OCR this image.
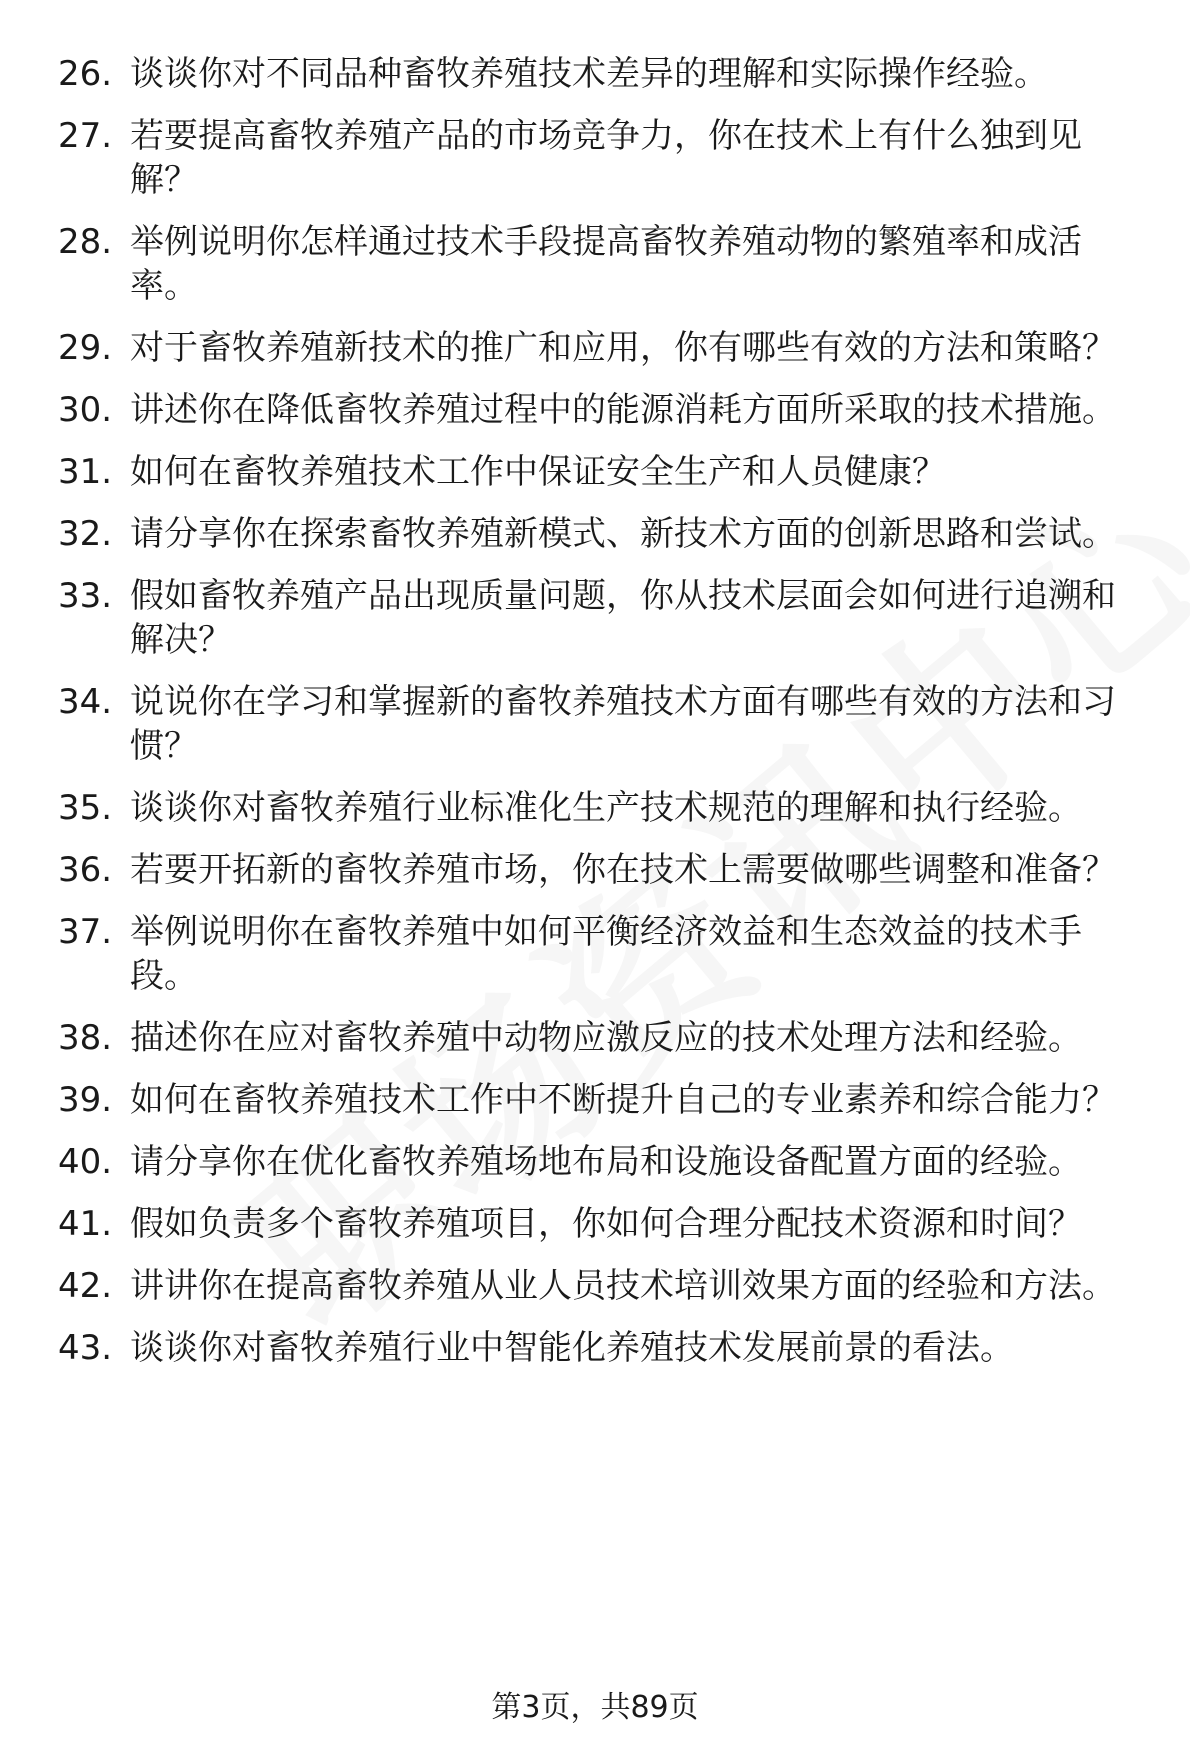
26. 谈谈你对不同品种畜牧养殖技术差异的理解和实际操作经验。
27. 若要提高畜牧养殖产品的市场竞争力，你在技术上有什么独到见解？
28. 举例说明你怎样通过技术手段提高畜牧养殖动物的繁殖率和成活率。
29. 对于畜牧养殖新技术的推广和应用，你有哪些有效的方法和策略？
30. 讲述你在降低畜牧养殖过程中的能源消耗方面所采取的技术措施。
31. 如何在畜牧养殖技术工作中保证安全生产和人员健康？
32. 请分享你在探索畜牧养殖新模式、新技术方面的创新思路和尝试。
33. 假如畜牧养殖产品出现质量问题，你从技术层面会如何进行追溯和解决？
34. 说说你在学习和掌握新的畜牧养殖技术方面有哪些有效的方法和习惯？
35. 谈谈你对畜牧养殖行业标准化生产技术规范的理解和执行经验。
36. 若要开拓新的畜牧养殖市场，你在技术上需要做哪些调整和准备？
37. 举例说明你在畜牧养殖中如何平衡经济效益和生态效益的技术手段。
38. 描述你在应对畜牧养殖中动物应激反应的技术处理方法和经验。
39. 如何在畜牧养殖技术工作中不断提升自己的专业素养和综合能力？
40. 请分享你在优化畜牧养殖场地布局和设施设备配置方面的经验。
41. 假如负责多个畜牧养殖项目，你如何合理分配技术资源和时间？
42. 讲讲你在提高畜牧养殖从业人员技术培训效果方面的经验和方法。
43. 谈谈你对畜牧养殖行业中智能化养殖技术发展前景的看法。
第3页，共89页
